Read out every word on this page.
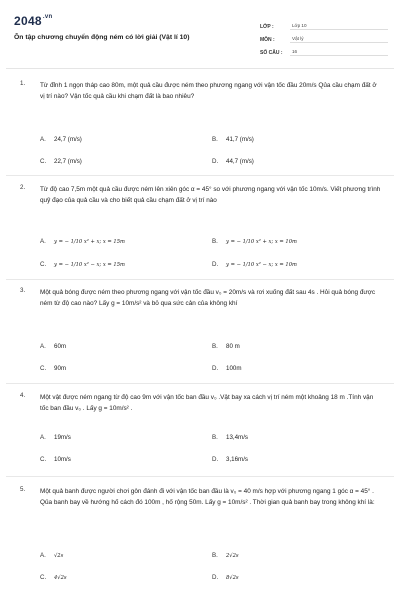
$2048^{.vn}$
Ôn tập chương chuyển động ném có lời giải (Vật lí 10)
LỚP :	Lớp 10
MÔN :	Vật lý
SỐ CÂU :	16
1. Từ đỉnh 1 ngọn tháp cao 80m, một quả cầu được ném theo phương ngang với vận tốc đầu 20m/s Qủa cầu chạm đất ở vị trí nào? Vận tốc quả cầu khi chạm đất là bao nhiêu?
A. 24,7 (m/s)	B. 41,7 (m/s)
C. 22,7 (m/s)	D. 44,7 (m/s)
2. Từ độ cao 7,5m một quả cầu được ném lên xiên góc α = 45° so với phương ngang với vận tốc 10m/s. Viết phương trình quỹ đạo của quả cầu và cho biết quả cầu chạm đất ở vị trí nào
A. y = − 1/10 x² + x; x = 15m	B. y = − 1/10 x² + x; x = 10m
C. y = − 1/10 x² − x; x = 15m	D. y = − 1/10 x² − x; x = 10m
3. Một quả bóng được ném theo phương ngang với vận tốc đầu v₀ = 20m/s và rơi xuống đất sau 4s . Hỏi quả bóng được ném từ độ cao nào? Lấy g = 10m/s² và bỏ qua sức cản của không khí
A. 60m	B. 80 m
C. 90m	D. 100m
4. Một vật được ném ngang từ độ cao 9m với vận tốc ban đầu v₀ .Vật bay xa cách vị trí ném một khoảng 18 m .Tính vận tốc ban đầu v₀ . Lấy g = 10m/s² .
A. 19m/s	B. 13,4m/s
C. 10m/s	D. 3,16m/s
5. Một quả banh được người chơi gôn đánh đi với vận tốc ban đầu là v₀ = 40 m/s hợp với phương ngang 1 góc α = 45° . Qủa banh bay về hướng hố cách đó 100m , hố rộng 50m. Lấy g = 10m/s² . Thời gian quả banh bay trong không khí là:
A. √2s	B. 2√2s
C. 4√2s	D. 8√2s
